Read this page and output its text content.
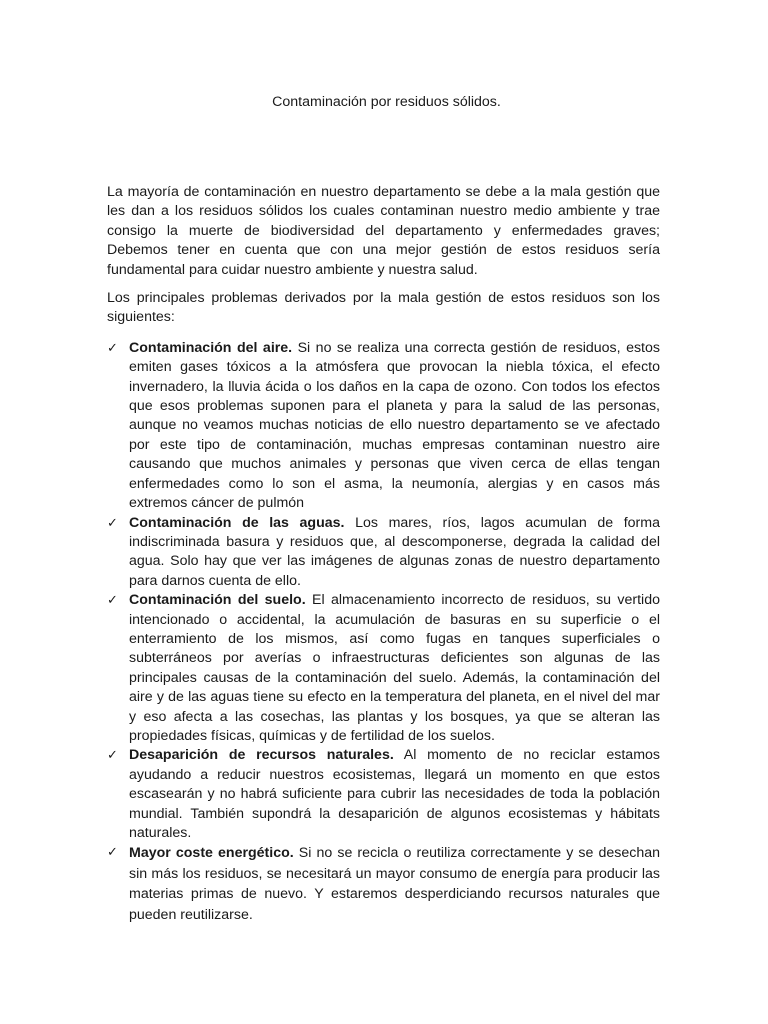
Contaminación por residuos sólidos.

La mayoría de contaminación en nuestro departamento se debe a la mala gestión que les dan a los residuos sólidos los cuales contaminan nuestro medio ambiente y trae consigo la muerte de biodiversidad del departamento y enfermedades graves; Debemos tener en cuenta que con una mejor gestión de estos residuos sería fundamental para cuidar nuestro ambiente y nuestra salud.

Los principales problemas derivados por la mala gestión de estos residuos son los siguientes:

✓ Contaminación del aire. Si no se realiza una correcta gestión de residuos, estos emiten gases tóxicos a la atmósfera que provocan la niebla tóxica, el efecto invernadero, la lluvia ácida o los daños en la capa de ozono. Con todos los efectos que esos problemas suponen para el planeta y para la salud de las personas, aunque no veamos muchas noticias de ello nuestro departamento se ve afectado por este tipo de contaminación, muchas empresas contaminan nuestro aire causando que muchos animales y personas que viven cerca de ellas tengan enfermedades como lo son el asma, la neumonía, alergias y en casos más extremos cáncer de pulmón
✓ Contaminación de las aguas. Los mares, ríos, lagos acumulan de forma indiscriminada basura y residuos que, al descomponerse, degrada la calidad del agua. Solo hay que ver las imágenes de algunas zonas de nuestro departamento para darnos cuenta de ello.
✓ Contaminación del suelo. El almacenamiento incorrecto de residuos, su vertido intencionado o accidental, la acumulación de basuras en su superficie o el enterramiento de los mismos, así como fugas en tanques superficiales o subterráneos por averías o infraestructuras deficientes son algunas de las principales causas de la contaminación del suelo. Además, la contaminación del aire y de las aguas tiene su efecto en la temperatura del planeta, en el nivel del mar y eso afecta a las cosechas, las plantas y los bosques, ya que se alteran las propiedades físicas, químicas y de fertilidad de los suelos.
✓ Desaparición de recursos naturales. Al momento de no reciclar estamos ayudando a reducir nuestros ecosistemas, llegará un momento en que estos escasearán y no habrá suficiente para cubrir las necesidades de toda la población mundial. También supondrá la desaparición de algunos ecosistemas y hábitats naturales.
✓ Mayor coste energético. Si no se recicla o reutiliza correctamente y se desechan sin más los residuos, se necesitará un mayor consumo de energía para producir las materias primas de nuevo. Y estaremos desperdiciando recursos naturales que pueden reutilizarse.
